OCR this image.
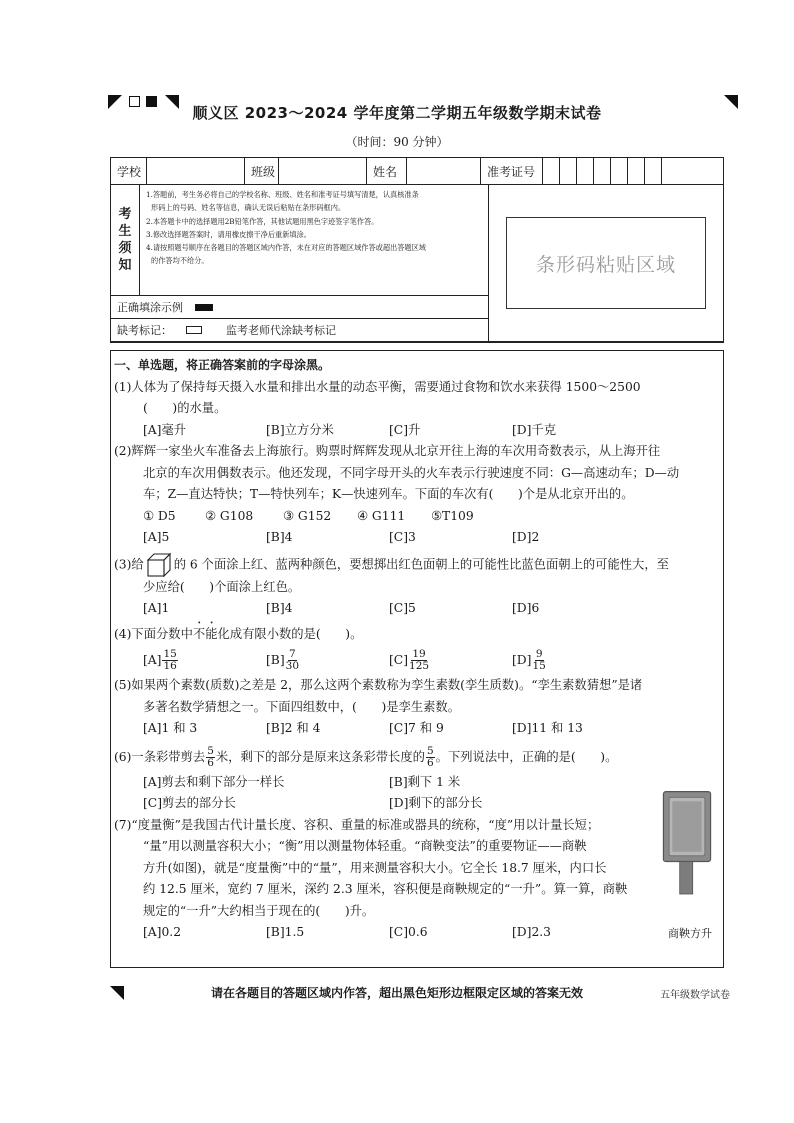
顺义区 2023～2024 学年度第二学期五年级数学期末试卷
（时间：90 分钟）
学校	班级	姓名	准考证号
考
生
须
知
1.答题前，考生务必将自己的学校名称、班级、姓名和准考证号填写清楚，认真核准条
形码上的号码、姓名等信息，确认无误后粘贴在条形码框内。
2.本答题卡中的选择题用2B铅笔作答，其他试题用黑色字迹签字笔作答。
3.修改选择题答案时，请用橡皮擦干净后重新填涂。
4.请按照题号顺序在各题目的答题区域内作答，未在对应的答题区域作答或超出答题区域
的作答均不给分。
正确填涂示例
缺考标记：	监考老师代涂缺考标记
条形码粘贴区域
一、单选题，将正确答案前的字母涂黑。
(1)人体为了保持每天摄入水量和排出水量的动态平衡，需要通过食物和饮水来获得 1500～2500
(　　)的水量。
[A]毫升	[B]立方分米	[C]升	[D]千克
(2)辉辉一家坐火车准备去上海旅行。购票时辉辉发现从北京开往上海的车次用奇数表示，从上海开往
北京的车次用偶数表示。他还发现，不同字母开头的火车表示行驶速度不同：G—高速动车；D—动
车；Z—直达特快；T—特快列车；K—快速列车。下面的车次有(　　)个是从北京开出的。
① D5	② G108	③ G152	④ G111	⑤T109
[A]5	[B]4	[C]3	[D]2
(3)给 的 6 个面涂上红、蓝两种颜色，要想掷出红色面朝上的可能性比蓝色面朝上的可能性大，至
少应给(　　)个面涂上红色。
[A]1	[B]4	[C]5	[D]6
(4)下面分数中不能化成有限小数的是(　　)。
$[A] \frac{15}{16}$	$[B] \frac{7}{30}$	$[C] \frac{19}{125}$	$[D] \frac{9}{15}$
(5)如果两个素数(质数)之差是 2，那么这两个素数称为孪生素数(孪生质数)。“孪生素数猜想”是诸
多著名数学猜想之一。下面四组数中，(　　)是孪生素数。
[A]1 和 3	[B]2 和 4	[C]7 和 9	[D]11 和 13
(6)一条彩带剪去 $\frac{5}{6}$ 米，剩下的部分是原来这条彩带长度的 $\frac{5}{6}$ 。下列说法中，正确的是(　　)。
[A]剪去和剩下部分一样长	[B]剩下 1 米
[C]剪去的部分长	[D]剩下的部分长
(7)“度量衡”是我国古代计量长度、容积、重量的标准或器具的统称，“度”用以计量长短；
“量”用以测量容积大小；“衡”用以测量物体轻重。“商鞅变法”的重要物证——商鞅
方升(如图)，就是“度量衡”中的“量”，用来测量容积大小。它全长 18.7 厘米，内口长
约 12.5 厘米，宽约 7 厘米，深约 2.3 厘米，容积便是商鞅规定的“一升”。算一算，商鞅
规定的“一升”大约相当于现在的(　　)升。
[A]0.2	[B]1.5	[C]0.6	[D]2.3	商鞅方升
请在各题目的答题区域内作答，超出黑色矩形边框限定区域的答案无效	五年级数学试卷
